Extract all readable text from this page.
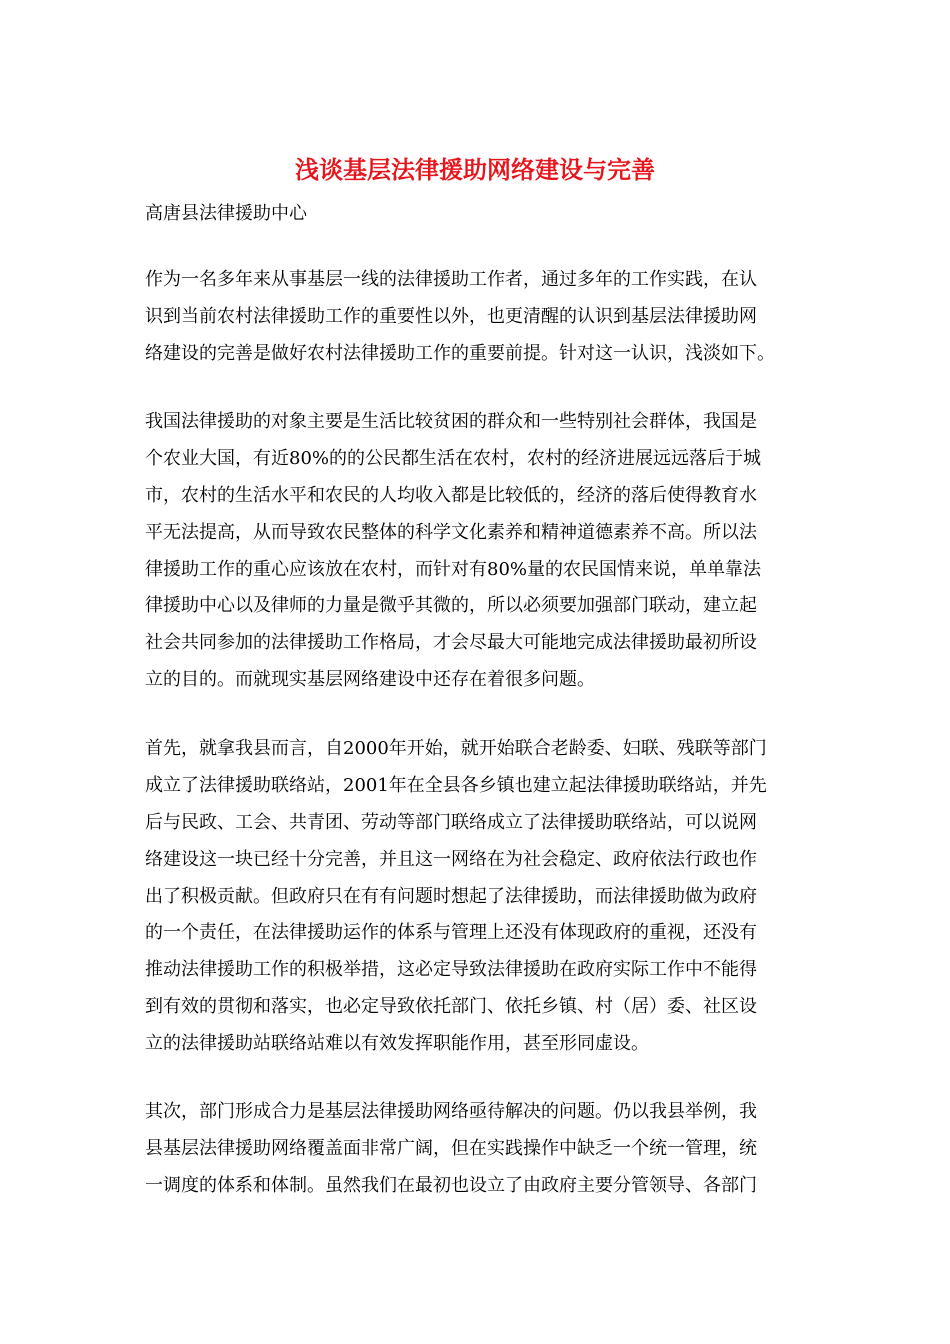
浅谈基层法律援助网络建设与完善
高唐县法律援助中心
作为一名多年来从事基层一线的法律援助工作者，通过多年的工作实践，在认
识到当前农村法律援助工作的重要性以外，也更清醒的认识到基层法律援助网
络建设的完善是做好农村法律援助工作的重要前提。针对这一认识，浅淡如下。
我国法律援助的对象主要是生活比较贫困的群众和一些特别社会群体，我国是
个农业大国，有近80%的的公民都生活在农村，农村的经济进展远远落后于城
市，农村的生活水平和农民的人均收入都是比较低的，经济的落后使得教育水
平无法提高，从而导致农民整体的科学文化素养和精神道德素养不高。所以法
律援助工作的重心应该放在农村，而针对有80%量的农民国情来说，单单靠法
律援助中心以及律师的力量是微乎其微的，所以必须要加强部门联动，建立起
社会共同参加的法律援助工作格局，才会尽最大可能地完成法律援助最初所设
立的目的。而就现实基层网络建设中还存在着很多问题。
首先，就拿我县而言，自2000年开始，就开始联合老龄委、妇联、残联等部门
成立了法律援助联络站，2001年在全县各乡镇也建立起法律援助联络站，并先
后与民政、工会、共青团、劳动等部门联络成立了法律援助联络站，可以说网
络建设这一块已经十分完善，并且这一网络在为社会稳定、政府依法行政也作
出了积极贡献。但政府只在有有问题时想起了法律援助，而法律援助做为政府
的一个责任，在法律援助运作的体系与管理上还没有体现政府的重视，还没有
推动法律援助工作的积极举措，这必定导致法律援助在政府实际工作中不能得
到有效的贯彻和落实，也必定导致依托部门、依托乡镇、村（居）委、社区设
立的法律援助站联络站难以有效发挥职能作用，甚至形同虚设。
其次，部门形成合力是基层法律援助网络亟待解决的问题。仍以我县举例，我
县基层法律援助网络覆盖面非常广阔，但在实践操作中缺乏一个统一管理，统
一调度的体系和体制。虽然我们在最初也设立了由政府主要分管领导、各部门
